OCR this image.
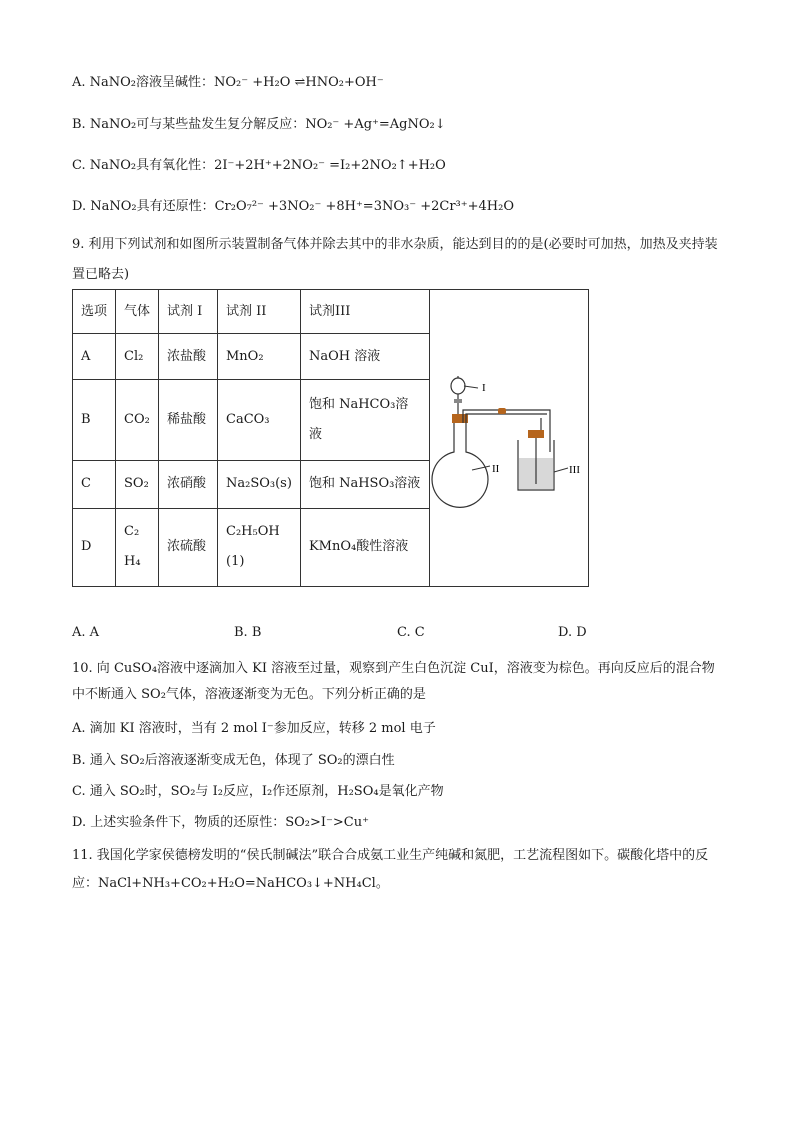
A. NaNO₂溶液呈碱性：NO₂⁻ +H₂O ⇌HNO₂+OH⁻
B. NaNO₂可与某些盐发生复分解反应：NO₂⁻ +Ag⁺=AgNO₂↓
C. NaNO₂具有氧化性：2I⁻+2H⁺+2NO₂⁻ =I₂+2NO₂↑+H₂O
D. NaNO₂具有还原性：Cr₂O₇²⁻ +3NO₂⁻ +8H⁺=3NO₃⁻ +2Cr³⁺+4H₂O
9. 利用下列试剂和如图所示装置制备气体并除去其中的非水杂质，能达到目的的是(必要时可加热，加热及夹持装置已略去)
选项	气体	试剂 I	试剂 II	试剂III	I
II III

A	Cl₂	浓盐酸	MnO₂	NaOH 溶液	
B	CO₂	稀盐酸	CaCO₃	饱和 NaHCO₃溶液	
C	SO₂	浓硝酸	Na₂SO₃(s)	饱和 NaHSO₃溶液	
D	C₂H₄	浓硫酸	C₂H₅OH(1)	KMnO₄酸性溶液	
A. A	B. B	C. C	D. D
10. 向 CuSO₄溶液中逐滴加入 KI 溶液至过量，观察到产生白色沉淀 CuI，溶液变为棕色。再向反应后的混合物中不断通入 SO₂气体，溶液逐渐变为无色。下列分析正确的是
A. 滴加 KI 溶液时，当有 2 mol I⁻参加反应，转移 2 mol 电子
B. 通入 SO₂后溶液逐渐变成无色，体现了 SO₂的漂白性
C. 通入 SO₂时，SO₂与 I₂反应，I₂作还原剂，H₂SO₄是氧化产物
D. 上述实验条件下，物质的还原性：SO₂>I⁻>Cu⁺
11. 我国化学家侯德榜发明的“侯氏制碱法”联合合成氨工业生产纯碱和氮肥，工艺流程图如下。碳酸化塔中的反应：NaCl+NH₃+CO₂+H₂O=NaHCO₃↓+NH₄Cl。
